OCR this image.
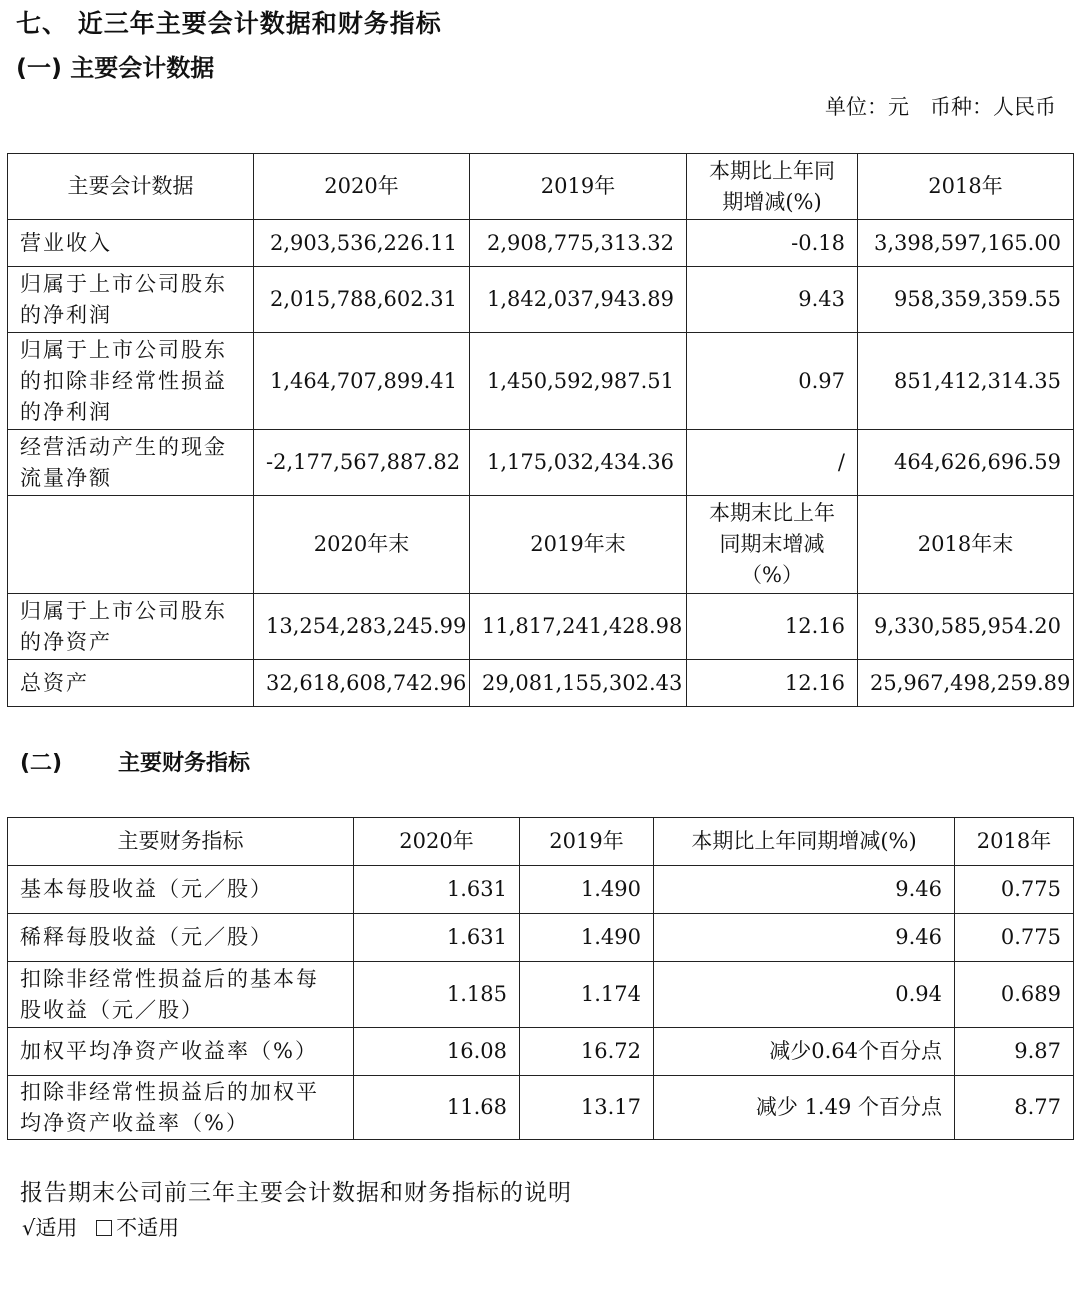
七、 近三年主要会计数据和财务指标
(一) 主要会计数据
单位：元　币种：人民币
主要会计数据	2020年	2019年	本期比上年同期增减(%)	2018年
营业收入	2,903,536,226.11	2,908,775,313.32	-0.18	3,398,597,165.00
归属于上市公司股东的净利润	2,015,788,602.31	1,842,037,943.89	9.43	958,359,359.55
归属于上市公司股东的扣除非经常性损益的净利润	1,464,707,899.41	1,450,592,987.51	0.97	851,412,314.35
经营活动产生的现金流量净额	-2,177,567,887.82	1,175,032,434.36	/	464,626,696.59
	2020年末	2019年末	本期末比上年同期末增减（%）	2018年末
归属于上市公司股东的净资产	13,254,283,245.99	11,817,241,428.98	12.16	9,330,585,954.20
总资产	32,618,608,742.96	29,081,155,302.43	12.16	25,967,498,259.89
(二)	主要财务指标
主要财务指标	2020年	2019年	本期比上年同期增减(%)	2018年
基本每股收益（元／股）	1.631	1.490	9.46	0.775
稀释每股收益（元／股）	1.631	1.490	9.46	0.775
扣除非经常性损益后的基本每股收益（元／股）	1.185	1.174	0.94	0.689
加权平均净资产收益率（%）	16.08	16.72	减少0.64个百分点	9.87
扣除非经常性损益后的加权平均净资产收益率（%）	11.68	13.17	减少 1.49 个百分点	8.77
报告期末公司前三年主要会计数据和财务指标的说明
√适用 不适用
